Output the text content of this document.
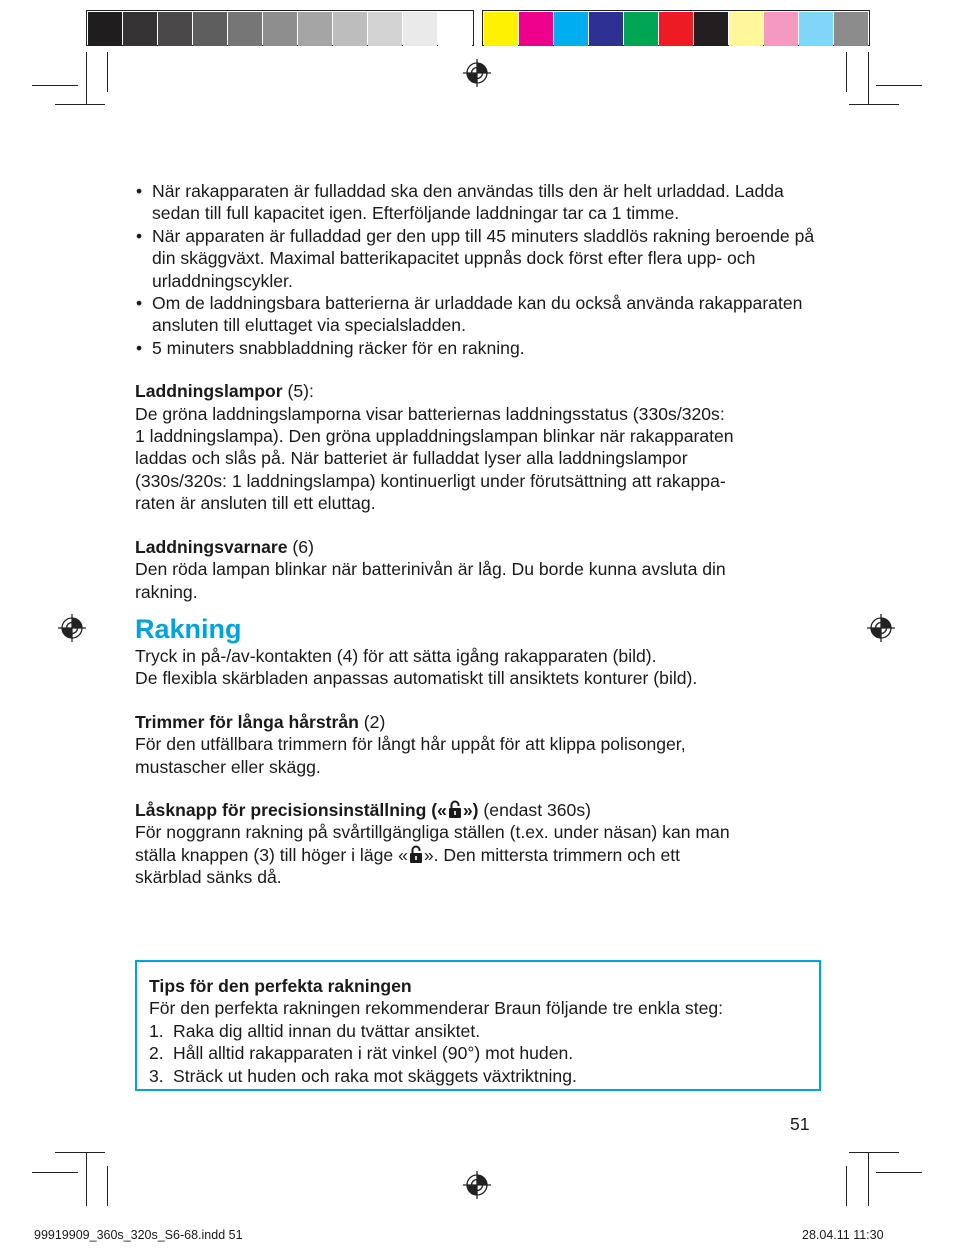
• När rakapparaten är fulladdad ska den användas tills den är helt urladdad. Ladda sedan till full kapacitet igen. Efterföljande laddningar tar ca 1 timme.
• När apparaten är fulladdad ger den upp till 45 minuters sladdlös rakning beroende på din skäggväxt. Maximal batterikapacitet uppnås dock först efter flera upp- och urladdningscykler.
• Om de laddningsbara batterierna är urladdade kan du också använda rakapparaten ansluten till eluttaget via specialsladden.
• 5 minuters snabbladdning räcker för en rakning.
Laddningslampor (5):
De gröna laddningslamporna visar batteriernas laddningsstatus (330s/320s:
1 laddningslampa). Den gröna uppladdningslampan blinkar när rakapparaten
laddas och slås på. När batteriet är fulladdat lyser alla laddningslampor
(330s/320s: 1 laddningslampa) kontinuerligt under förutsättning att rakappa-
raten är ansluten till ett eluttag.
Laddningsvarnare (6)
Den röda lampan blinkar när batterinivån är låg. Du borde kunna avsluta din
rakning.
Rakning
Tryck in på-/av-kontakten (4) för att sätta igång rakapparaten (bild).
De flexibla skärbladen anpassas automatiskt till ansiktets konturer (bild).
Trimmer för långa hårstrån (2)
För den utfällbara trimmern för långt hår uppåt för att klippa polisonger,
mustascher eller skägg.
Låsknapp för precisionsinställning (« ») (endast 360s)
För noggrann rakning på svårtillgängliga ställen (t.ex. under näsan) kan man
ställa knappen (3) till höger i läge « ». Den mittersta trimmern och ett
skärblad sänks då.
Tips för den perfekta rakningen
För den perfekta rakningen rekommenderar Braun följande tre enkla steg:
1. Raka dig alltid innan du tvättar ansiktet.
2. Håll alltid rakapparaten i rät vinkel (90°) mot huden.
3. Sträck ut huden och raka mot skäggets växtriktning.
51
99919909_360s_320s_S6-68.indd 51	28.04.11 11:30
